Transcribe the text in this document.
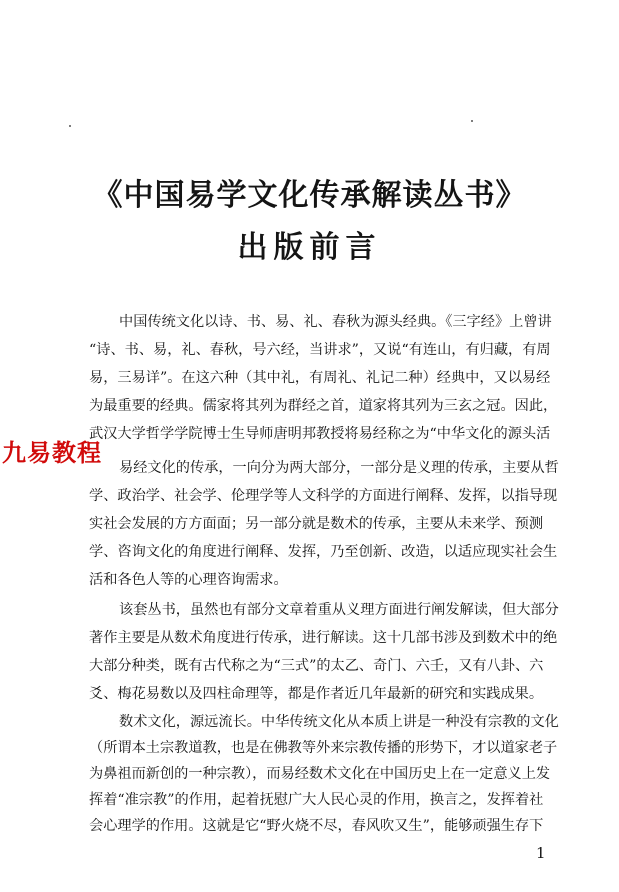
《中国易学文化传承解读丛书》
出版前言
中国传统文化以诗、书、易、礼、春秋为源头经典。《三字经》上曾讲
“诗、书、易，礼、春秋，号六经，当讲求”，又说“有连山，有归藏，有周
易，三易详”。在这六种（其中礼，有周礼、礼记二种）经典中，又以易经
为最重要的经典。儒家将其列为群经之首，道家将其列为三玄之冠。因此，
武汉大学哲学学院博士生导师唐明邦教授将易经称之为“中华文化的源头活
易经文化的传承，一向分为两大部分，一部分是义理的传承，主要从哲
学、政治学、社会学、伦理学等人文科学的方面进行阐释、发挥，以指导现
实社会发展的方方面面；另一部分就是数术的传承，主要从未来学、预测
学、咨询文化的角度进行阐释、发挥，乃至创新、改造，以适应现实社会生
活和各色人等的心理咨询需求。
该套丛书，虽然也有部分文章着重从义理方面进行阐发解读，但大部分
著作主要是从数术角度进行传承，进行解读。这十几部书涉及到数术中的绝
大部分种类，既有古代称之为“三式”的太乙、奇门、六壬，又有八卦、六
爻、梅花易数以及四柱命理等，都是作者近几年最新的研究和实践成果。
数术文化，源远流长。中华传统文化从本质上讲是一种没有宗教的文化
（所谓本土宗教道教，也是在佛教等外来宗教传播的形势下，才以道家老子
为鼻祖而新创的一种宗教），而易经数术文化在中国历史上在一定意义上发
挥着“准宗教”的作用，起着抚慰广大人民心灵的作用，换言之，发挥着社
会心理学的作用。这就是它“野火烧不尽，春风吹又生”，能够顽强生存下
九易教程
1
